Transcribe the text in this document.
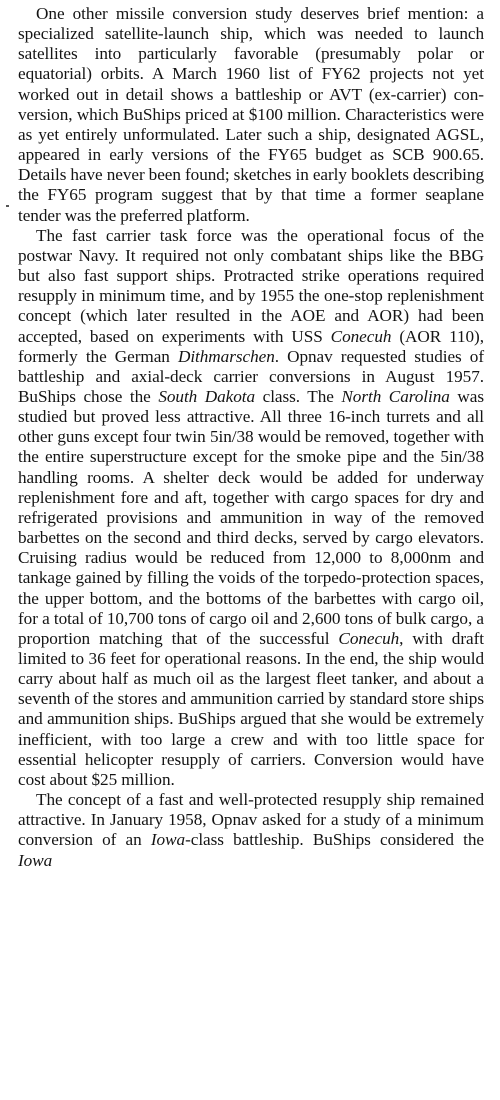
One other missile conversion study deserves brief mention: a specialized satellite-launch ship, which was needed to launch satellites into particularly favorable (presumably polar or equatorial) orbits. A March 1960 list of FY62 projects not yet worked out in detail shows a battleship or AVT (ex-carrier) conversion, which BuShips priced at $100 million. Characteristics were as yet entirely unformulated. Later such a ship, designated AGSL, appeared in early versions of the FY65 budget as SCB 900.65. Details have never been found; sketches in early booklets describing the FY65 program suggest that by that time a former seaplane tender was the preferred platform.

The fast carrier task force was the operational focus of the postwar Navy. It required not only combatant ships like the BBG but also fast support ships. Protracted strike operations required resupply in minimum time, and by 1955 the one-stop replenishment concept (which later resulted in the AOE and AOR) had been accepted, based on experiments with USS Conecuh (AOR 110), formerly the German Dithmarschen. Opnav requested studies of battleship and axial-deck carrier conversions in August 1957. BuShips chose the South Dakota class. The North Carolina was studied but proved less attractive. All three 16-inch turrets and all other guns except four twin 5in/38 would be removed, together with the entire superstructure except for the smoke pipe and the 5in/38 handling rooms. A shelter deck would be added for underway replenishment fore and aft, together with cargo spaces for dry and refrigerated provisions and ammunition in way of the removed barbettes on the second and third decks, served by cargo elevators. Cruising radius would be reduced from 12,000 to 8,000nm and tankage gained by filling the voids of the torpedo-protection spaces, the upper bottom, and the bottoms of the barbettes with cargo oil, for a total of 10,700 tons of cargo oil and 2,600 tons of bulk cargo, a proportion matching that of the successful Conecuh, with draft limited to 36 feet for operational reasons. In the end, the ship would carry about half as much oil as the largest fleet tanker, and about a seventh of the stores and ammunition carried by standard store ships and ammunition ships. BuShips argued that she would be extremely inefficient, with too large a crew and with too little space for essential helicopter resupply of carriers. Conversion would have cost about $25 million.

The concept of a fast and well-protected resupply ship remained attractive. In January 1958, Opnav asked for a study of a minimum conversion of an Iowa-class battleship. BuShips considered the Iowa
